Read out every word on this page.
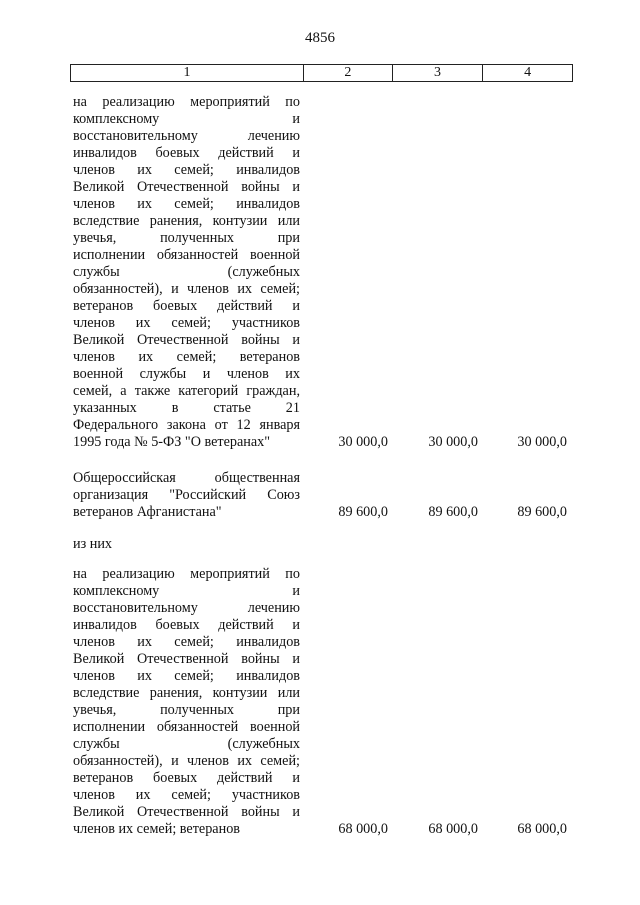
4856
1	2	3	4
на реализацию мероприятий по
комплексному и
восстановительному лечению
инвалидов боевых действий и
членов их семей; инвалидов
Великой Отечественной войны и
членов их семей; инвалидов
вследствие ранения, контузии или
увечья, полученных при
исполнении обязанностей военной
службы (служебных
обязанностей), и членов их семей;
ветеранов боевых действий и
членов их семей; участников
Великой Отечественной войны и
членов их семей; ветеранов
военной службы и членов их
семей, а также категорий граждан,
указанных в статье 21
Федерального закона от 12 января
1995 года № 5-ФЗ "О ветеранах"	30 000,0	30 000,0	30 000,0
Общероссийская общественная
организация "Российский Союз
ветеранов Афганистана"	89 600,0	89 600,0	89 600,0
из них
на реализацию мероприятий по
комплексному и
восстановительному лечению
инвалидов боевых действий и
членов их семей; инвалидов
Великой Отечественной войны и
членов их семей; инвалидов
вследствие ранения, контузии или
увечья, полученных при
исполнении обязанностей военной
службы (служебных
обязанностей), и членов их семей;
ветеранов боевых действий и
членов их семей; участников
Великой Отечественной войны и
членов их семей; ветеранов	68 000,0	68 000,0	68 000,0
